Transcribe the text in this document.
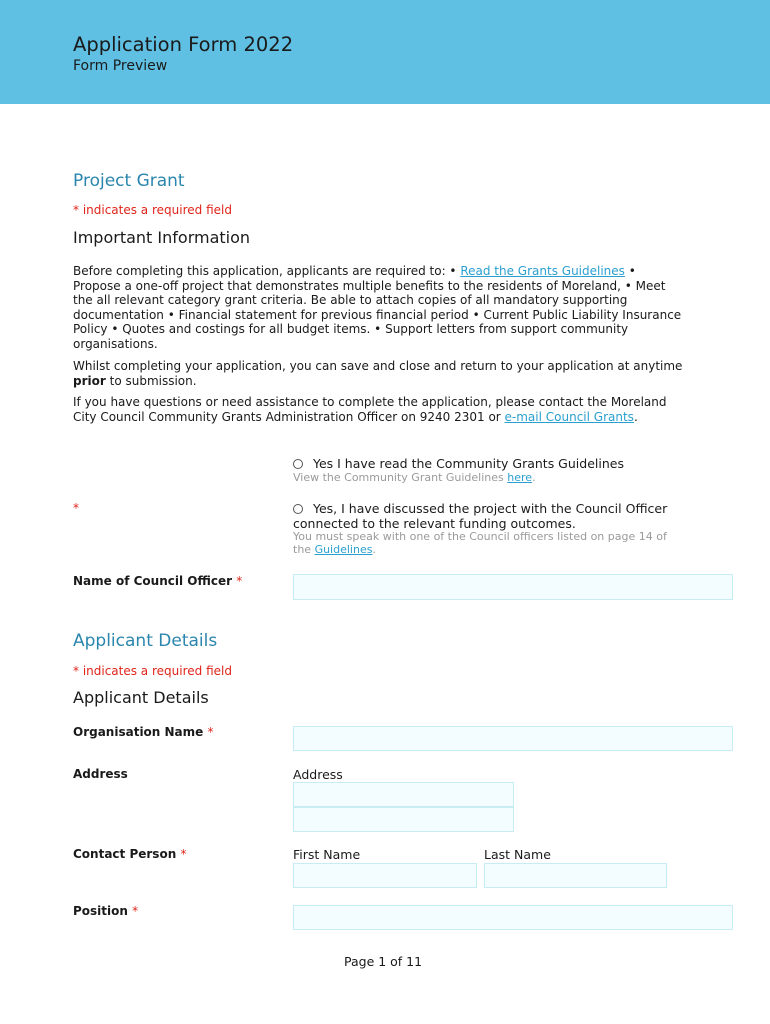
Application Form 2022
Form Preview
Project Grant
* indicates a required field
Important Information
Before completing this application, applicants are required to: • Read the Grants Guidelines • Propose a one-off project that demonstrates multiple benefits to the residents of Moreland, • Meet the all relevant category grant criteria. Be able to attach copies of all mandatory supporting documentation • Financial statement for previous financial period • Current Public Liability Insurance Policy • Quotes and costings for all budget items. • Support letters from support community organisations.
Whilst completing your application, you can save and close and return to your application at anytime prior to submission.
If you have questions or need assistance to complete the application, please contact the Moreland City Council Community Grants Administration Officer on 9240 2301 or e-mail Council Grants.
Yes I have read the Community Grants Guidelines
View the Community Grant Guidelines here.
*	Yes, I have discussed the project with the Council Officer connected to the relevant funding outcomes.
You must speak with one of the Council officers listed on page 14 of the Guidelines.
Name of Council Officer *
Applicant Details
* indicates a required field
Applicant Details
Organisation Name *
Address	Address
Contact Person *	First Name	Last Name
Position *
Page 1 of 11
